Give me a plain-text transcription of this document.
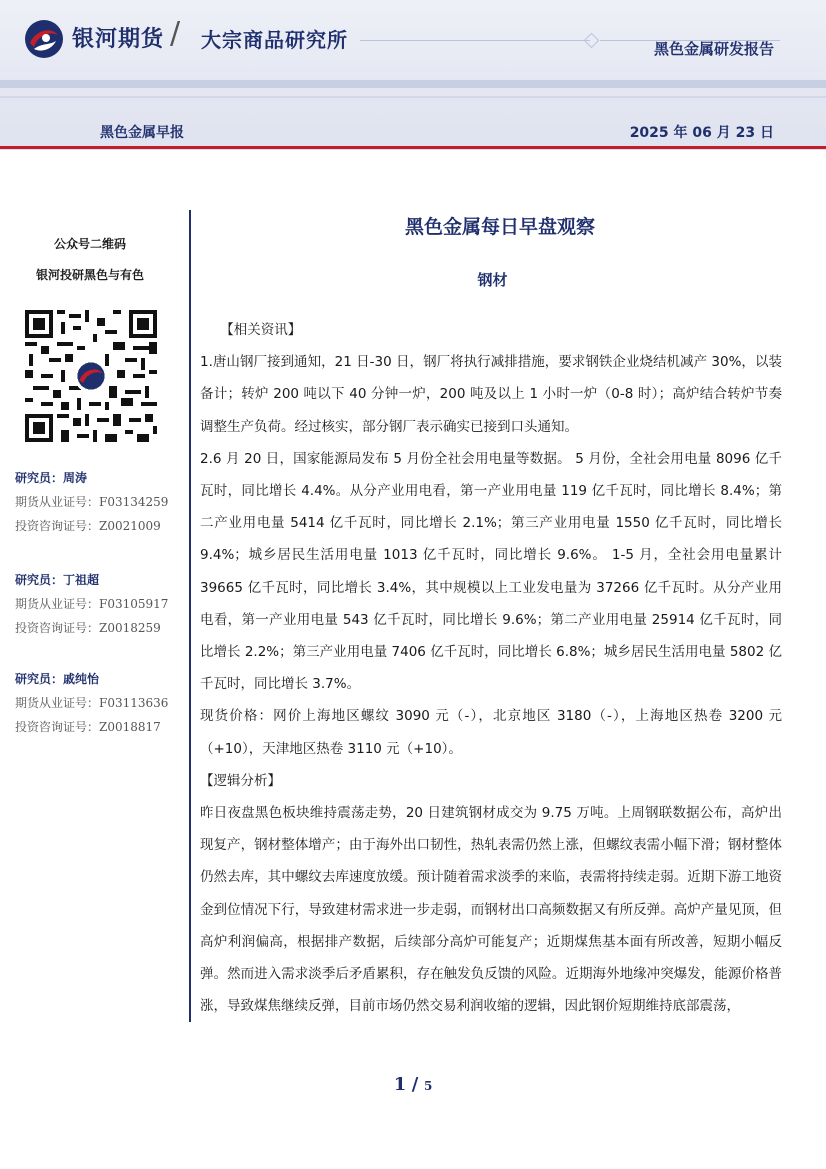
银河期货 / 大宗商品研究所	黑色金属研发报告
黑色金属早报	2025 年 06 月 23 日
公众号二维码
银河投研黑色与有色
研究员：周涛
期货从业证号：F03134259
投资咨询证号：Z0021009
研究员：丁祖超
期货从业证号：F03105917
投资咨询证号：Z0018259
研究员：戚纯怡
期货从业证号：F03113636
投资咨询证号：Z0018817
黑色金属每日早盘观察
钢材

　　【相关资讯】

1.唐山钢厂接到通知，21 日-30 日，钢厂将执行减排措施，要求钢铁企业烧结机减产 30%，以装备计；转炉 200 吨以下 40 分钟一炉，200 吨及以上 1 小时一炉（0-8 时）；高炉结合转炉节奏调整生产负荷。经过核实，部分钢厂表示确实已接到口头通知。

2.6 月 20 日，国家能源局发布 5 月份全社会用电量等数据。 5 月份，全社会用电量 8096 亿千瓦时，同比增长 4.4%。从分产业用电看，第一产业用电量 119 亿千瓦时，同比增长 8.4%；第二产业用电量 5414 亿千瓦时，同比增长 2.1%；第三产业用电量 1550 亿千瓦时，同比增长 9.4%；城乡居民生活用电量 1013 亿千瓦时，同比增长 9.6%。 1-5 月，全社会用电量累计 39665 亿千瓦时，同比增长 3.4%，其中规模以上工业发电量为 37266 亿千瓦时。从分产业用电看，第一产业用电量 543 亿千瓦时，同比增长 9.6%；第二产业用电量 25914 亿千瓦时，同比增长 2.2%；第三产业用电量 7406 亿千瓦时，同比增长 6.8%；城乡居民生活用电量 5802 亿千瓦时，同比增长 3.7%。

现货价格：网价上海地区螺纹 3090 元（-），北京地区 3180（-），上海地区热卷 3200 元（+10），天津地区热卷 3110 元（+10）。

【逻辑分析】

昨日夜盘黑色板块维持震荡走势，20 日建筑钢材成交为 9.75 万吨。上周钢联数据公布，高炉出现复产，钢材整体增产；由于海外出口韧性，热轧表需仍然上涨，但螺纹表需小幅下滑；钢材整体仍然去库，其中螺纹去库速度放缓。预计随着需求淡季的来临，表需将持续走弱。近期下游工地资金到位情况下行，导致建材需求进一步走弱，而钢材出口高频数据又有所反弹。高炉产量见顶，但高炉利润偏高，根据排产数据，后续部分高炉可能复产；近期煤焦基本面有所改善，短期小幅反弹。然而进入需求淡季后矛盾累积，存在触发负反馈的风险。近期海外地缘冲突爆发，能源价格普涨，导致煤焦继续反弹，目前市场仍然交易利润收缩的逻辑，因此钢价短期维持底部震荡，

1 / 5
